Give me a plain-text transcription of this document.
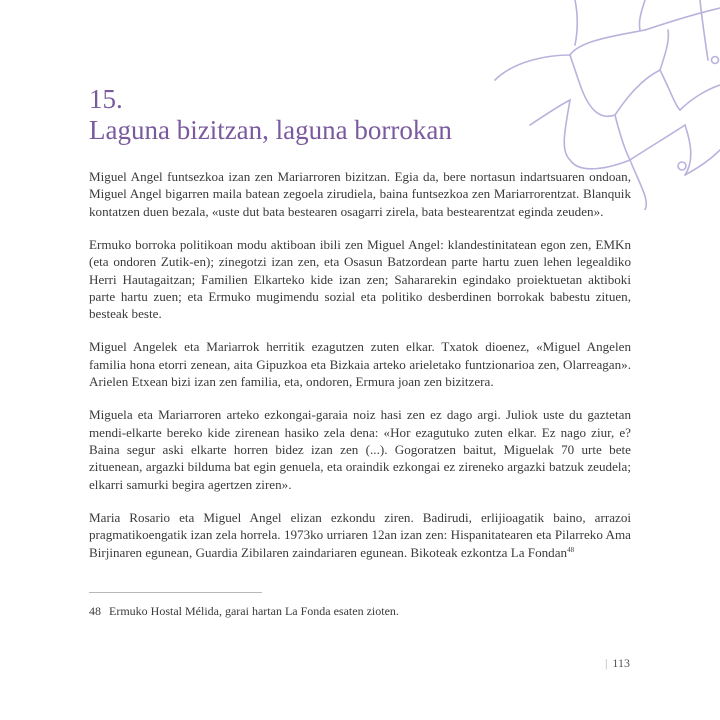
15.
Laguna bizitzan, laguna borrokan

Miguel Angel funtsezkoa izan zen Mariarroren bizitzan. Egia da, bere nortasun indartsuaren ondoan, Miguel Angel bigarren maila batean zegoela zirudiela, baina funtsezkoa zen Mariarrorentzat. Blanquik kontatzen duen bezala, «uste dut bata bestearen osagarri zirela, bata bestearentzat eginda zeuden».

Ermuko borroka politikoan modu aktiboan ibili zen Miguel Angel: klandestinitatean egon zen, EMKn (eta ondoren Zutik-en); zinegotzi izan zen, eta Osasun Batzordean parte hartu zuen lehen legealdiko Herri Hautagaitzan; Familien Elkarteko kide izan zen; Sahararekin egindako proiektuetan aktiboki parte hartu zuen; eta Ermuko mugimendu sozial eta politiko desberdinen borrokak babestu zituen, besteak beste.

Miguel Angelek eta Mariarrok herritik ezagutzen zuten elkar. Txatok dioenez, «Miguel Angelen familia hona etorri zenean, aita Gipuzkoa eta Bizkaia arteko arieletako funtzionarioa zen, Olarreagan». Arielen Etxean bizi izan zen familia, eta, ondoren, Ermura joan zen bizitzera.

Miguela eta Mariarroren arteko ezkongai-garaia noiz hasi zen ez dago argi. Juliok uste du gaztetan mendi-elkarte bereko kide zirenean hasiko zela dena: «Hor ezagutuko zuten elkar. Ez nago ziur, e? Baina segur aski elkarte horren bidez izan zen (...). Gogoratzen baitut, Miguelak 70 urte bete zituenean, argazki bilduma bat egin genuela, eta oraindik ezkongai ez zireneko argazki batzuk zeudela; elkarri samurki begira agertzen ziren».

Maria Rosario eta Miguel Angel elizan ezkondu ziren. Badirudi, erlijioagatik baino, arrazoi pragmatikoengatik izan zela horrela. 1973ko urriaren 12an izan zen: Hispanitatearen eta Pilarreko Ama Birjinaren egunean, Guardia Zibilaren zaindariaren egunean. Bikoteak ezkontza La Fondan$^{48}$

48 Ermuko Hostal Mélida, garai hartan La Fonda esaten zioten.
| 113
